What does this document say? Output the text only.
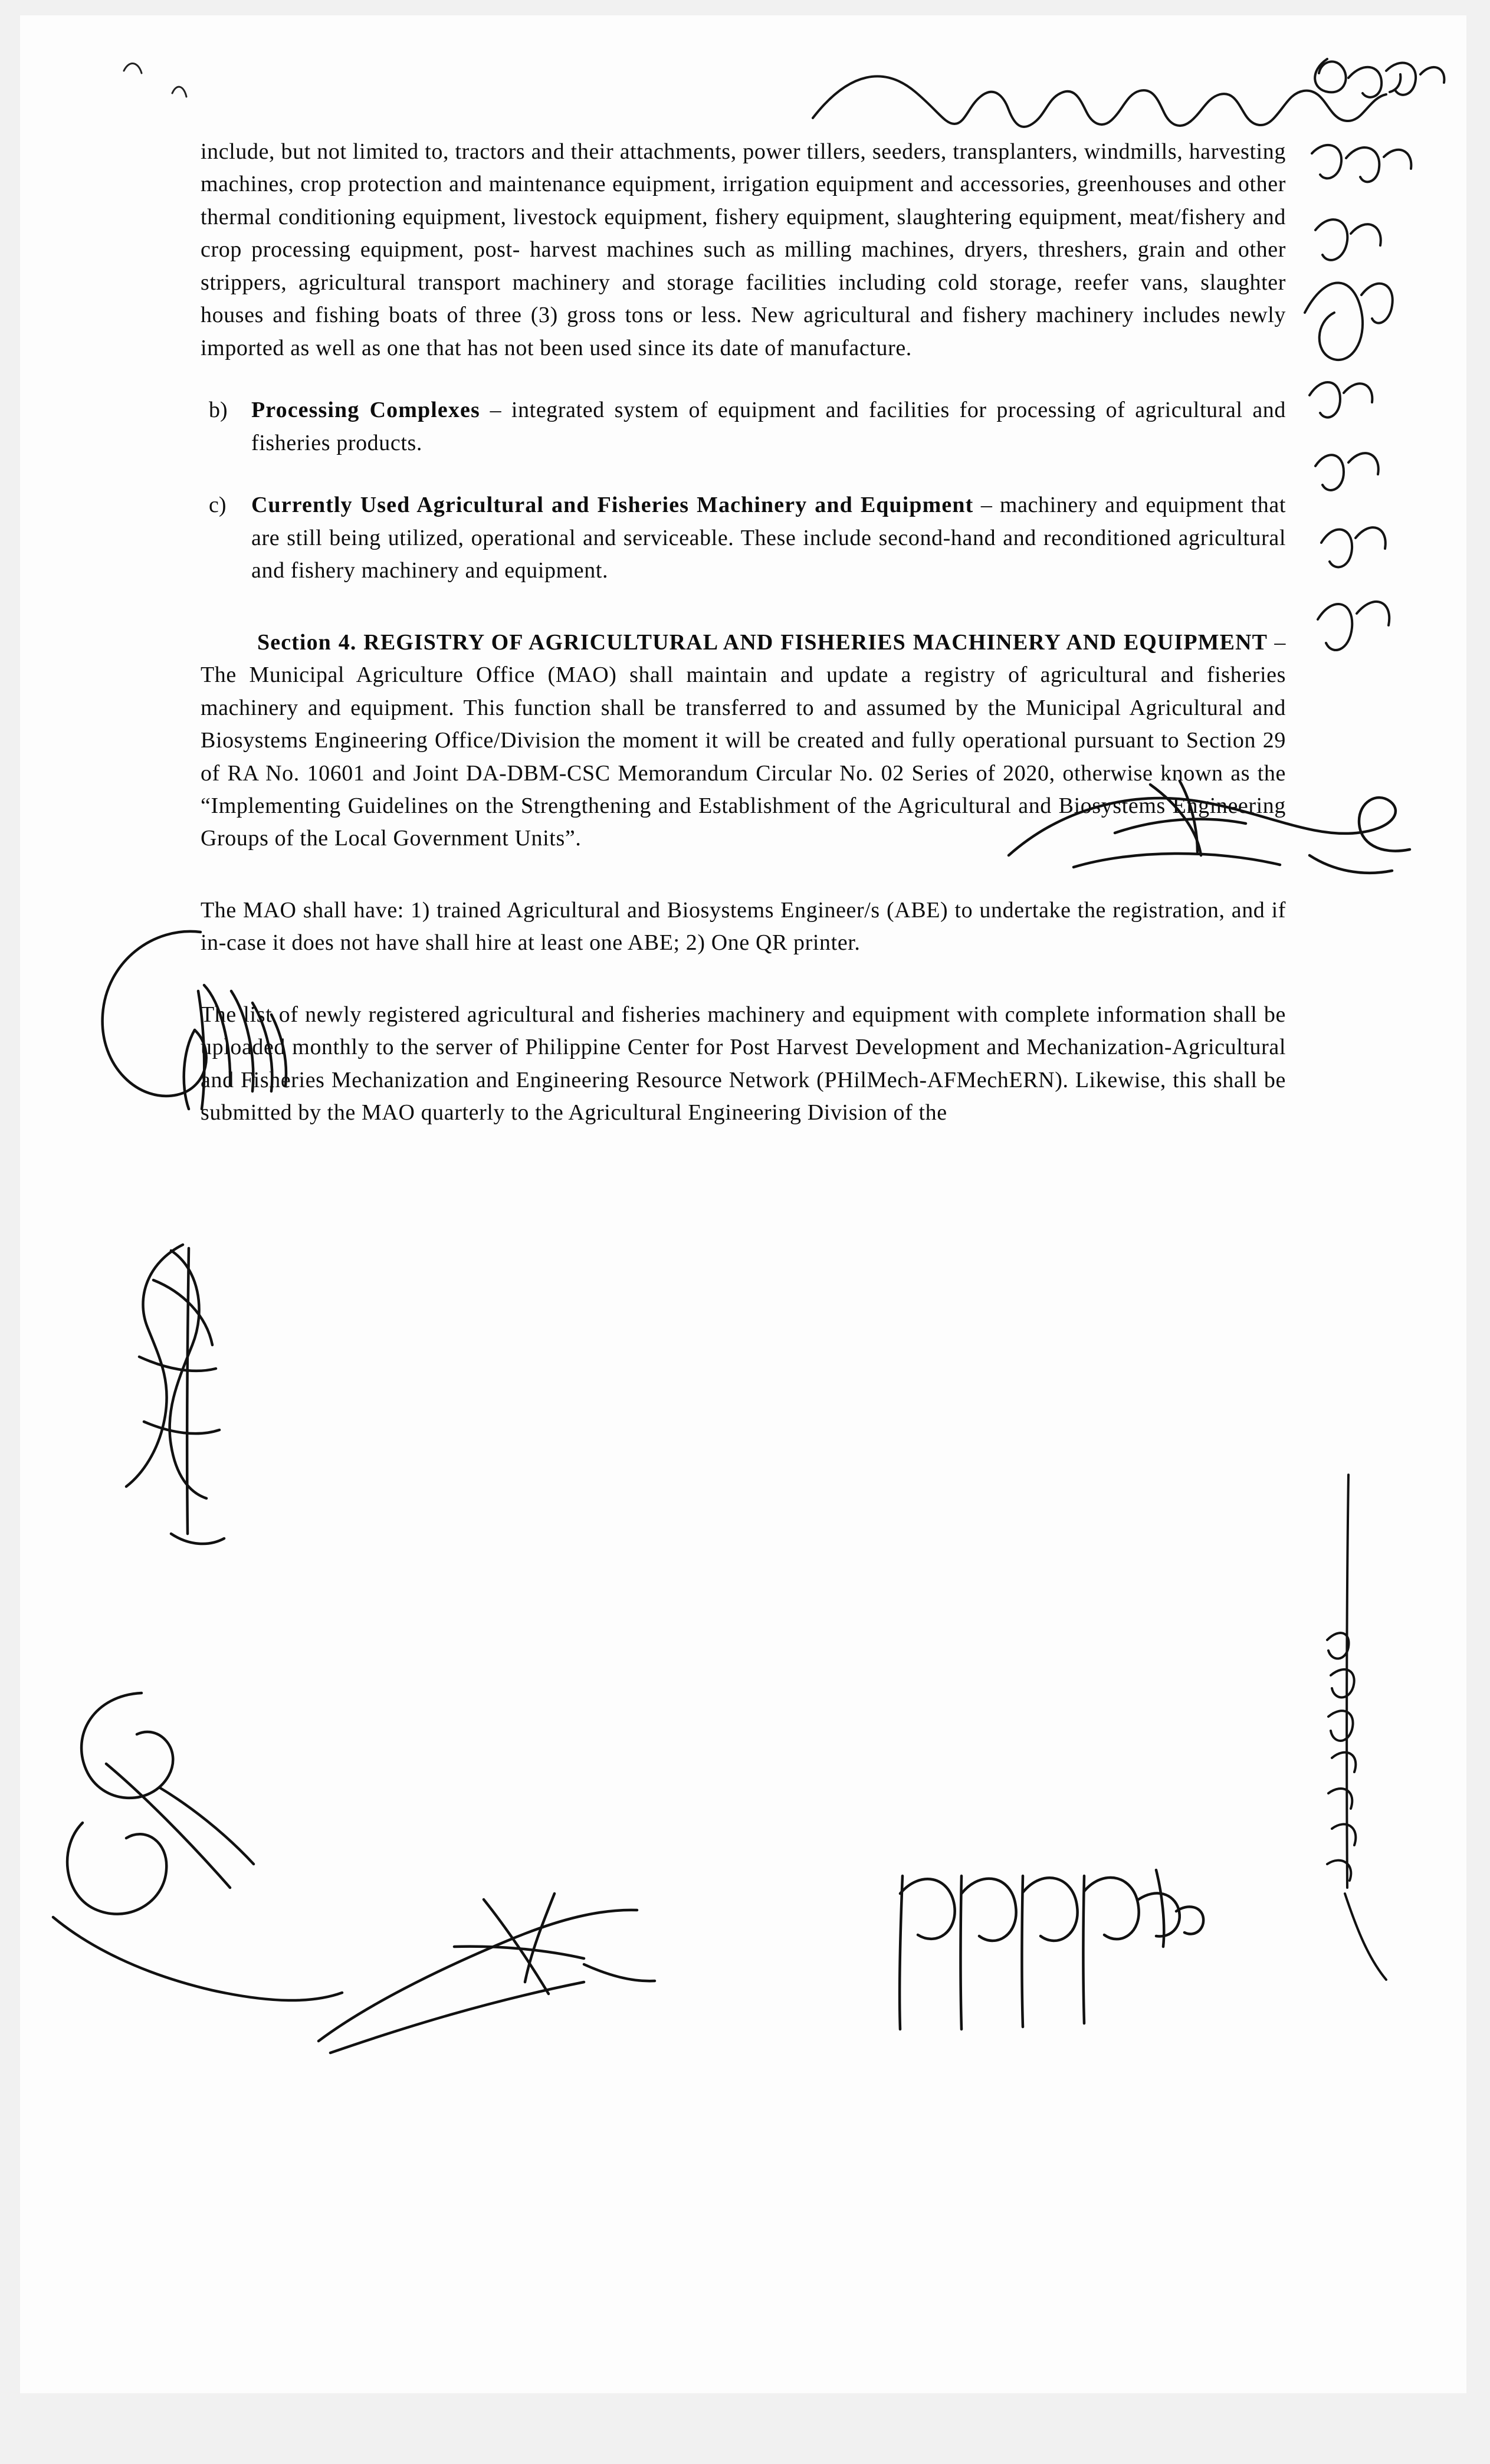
include, but not limited to, tractors and their attachments, power tillers, seeders, transplanters, windmills, harvesting machines, crop protection and maintenance equipment, irrigation equipment and accessories, greenhouses and other thermal conditioning equipment, livestock equipment, fishery equipment, slaughtering equipment, meat/fishery and crop processing equipment, post- harvest machines such as milling machines, dryers, threshers, grain and other strippers, agricultural transport machinery and storage facilities including cold storage, reefer vans, slaughter houses and fishing boats of three (3) gross tons or less. New agricultural and fishery machinery includes newly imported as well as one that has not been used since its date of manufacture.

b)	Processing Complexes – integrated system of equipment and facilities for processing of agricultural and fisheries products.
c)	Currently Used Agricultural and Fisheries Machinery and Equipment – machinery and equipment that are still being utilized, operational and serviceable. These include second-hand and reconditioned agricultural and fishery machinery and equipment.

Section 4. REGISTRY OF AGRICULTURAL AND FISHERIES MACHINERY AND EQUIPMENT –The Municipal Agriculture Office (MAO) shall maintain and update a registry of agricultural and fisheries machinery and equipment. This function shall be transferred to and assumed by the Municipal Agricultural and Biosystems Engineering Office/Division the moment it will be created and fully operational pursuant to Section 29 of RA No. 10601 and Joint DA-DBM-CSC Memorandum Circular No. 02 Series of 2020, otherwise known as the “Implementing Guidelines on the Strengthening and Establishment of the Agricultural and Biosystems Engineering Groups of the Local Government Units”.

The MAO shall have: 1) trained Agricultural and Biosystems Engineer/s (ABE) to undertake the registration, and if in-case it does not have shall hire at least one ABE; 2) One QR printer.

The list of newly registered agricultural and fisheries machinery and equipment with complete information shall be uploaded monthly to the server of Philippine Center for Post Harvest Development and Mechanization-Agricultural and Fisheries Mechanization and Engineering Resource Network (PHilMech-AFMechERN). Likewise, this shall be submitted by the MAO quarterly to the Agricultural Engineering Division of the
